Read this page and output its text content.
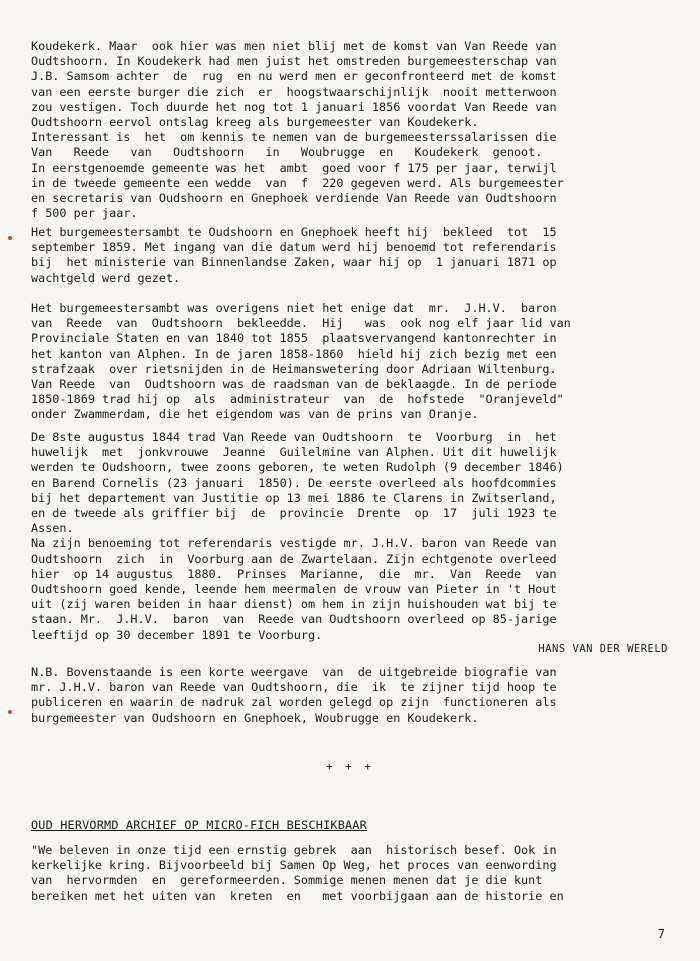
Koudekerk. Maar  ook hier was men niet blij met de komst van Van Reede van
Oudtshoorn. In Koudekerk had men juist het omstreden burgemeesterschap van
J.B. Samsom achter  de  rug  en nu werd men er geconfronteerd met de komst
van een eerste burger die zich  er  hoogstwaarschijnlijk  nooit metterwoon
zou vestigen. Toch duurde het nog tot 1 januari 1856 voordat Van Reede van
Oudtshoorn eervol ontslag kreeg als burgemeester van Koudekerk.
Interessant is  het  om kennis te nemen van de burgemeesterssalarissen die
Van   Reede   van   Oudtshoorn   in   Woubrugge  en   Koudekerk  genoot.
In eerstgenoemde gemeente was het  ambt  goed voor f 175 per jaar, terwijl
in de tweede gemeente een wedde  van  f  220 gegeven werd. Als burgemeester
en secretaris van Oudshoorn en Gnephoek verdiende Van Reede van Oudtshoorn
f 500 per jaar.
Het burgemeestersambt te Oudshoorn en Gnephoek heeft hij  bekleed  tot  15
september 1859. Met ingang van die datum werd hij benoemd tot referendaris
bij  het ministerie van Binnenlandse Zaken, waar hij op  1 januari 1871 op
wachtgeld werd gezet.
Het burgemeestersambt was overigens niet het enige dat  mr.  J.H.V.  baron
van  Reede  van  Oudtshoorn  bekleedde.  Hij   was  ook nog elf jaar lid van
Provinciale Staten en van 1840 tot 1855  plaatsvervangend kantonrechter in
het kanton van Alphen. In de jaren 1858-1860  hield hij zich bezig met een
strafzaak  over rietsnijden in de Heimanswetering door Adriaan Wiltenburg.
Van Reede  van  Oudtshoorn was de raadsman van de beklaagde. In de periode
1850-1869 trad hij op  als  administrateur  van  de  hofstede  "Oranjeveld"
onder Zwammerdam, die het eigendom was van de prins van Oranje.
De 8ste augustus 1844 trad Van Reede van Oudtshoorn  te  Voorburg  in  het
huwelijk  met  jonkvrouwe  Jeanne  Guilelmine van Alphen. Uit dit huwelijk
werden te Oudshoorn, twee zoons geboren, te weten Rudolph (9 december 1846)
en Barend Cornelis (23 januari  1850). De eerste overleed als hoofdcommies
bij het departement van Justitie op 13 mei 1886 te Clarens in Zwitserland,
en de tweede als griffier bij  de  provincie  Drente  op  17  juli 1923 te
Assen.
Na zijn benoeming tot referendaris vestigde mr. J.H.V. baron van Reede van
Oudtshoorn  zich  in  Voorburg aan de Zwartelaan. Zijn echtgenote overleed
hier  op 14 augustus  1880.  Prinses  Marianne,  die  mr.  Van  Reede  van
Oudtshoorn goed kende, leende hem meermalen de vrouw van Pieter in 't Hout
uit (zij waren beiden in haar dienst) om hem in zijn huishouden wat bij te
staan. Mr.  J.H.V.  baron  van  Reede van Oudtshoorn overleed op 85-jarige
leeftijd op 30 december 1891 te Voorburg.
HANS VAN DER WERELD
N.B. Bovenstaande is een korte weergave  van  de uitgebreide biografie van
mr. J.H.V. baron van Reede van Oudtshoorn, die  ik  te zijner tijd hoop te
publiceren en waarin de nadruk zal worden gelegd op zijn  functioneren als
burgemeester van Oudshoorn en Gnephoek, Woubrugge en Koudekerk.
+ + +
OUD HERVORMD ARCHIEF OP MICRO-FICH BESCHIKBAAR
"We beleven in onze tijd een ernstig gebrek  aan  historisch besef. Ook in
kerkelijke kring. Bijvoorbeeld bij Samen Op Weg, het proces van eenwording
van  hervormden  en  gereformeerden. Sommige menen menen dat je die kunt
bereiken met het uiten van  kreten  en   met voorbijgaan aan de historie en
7
